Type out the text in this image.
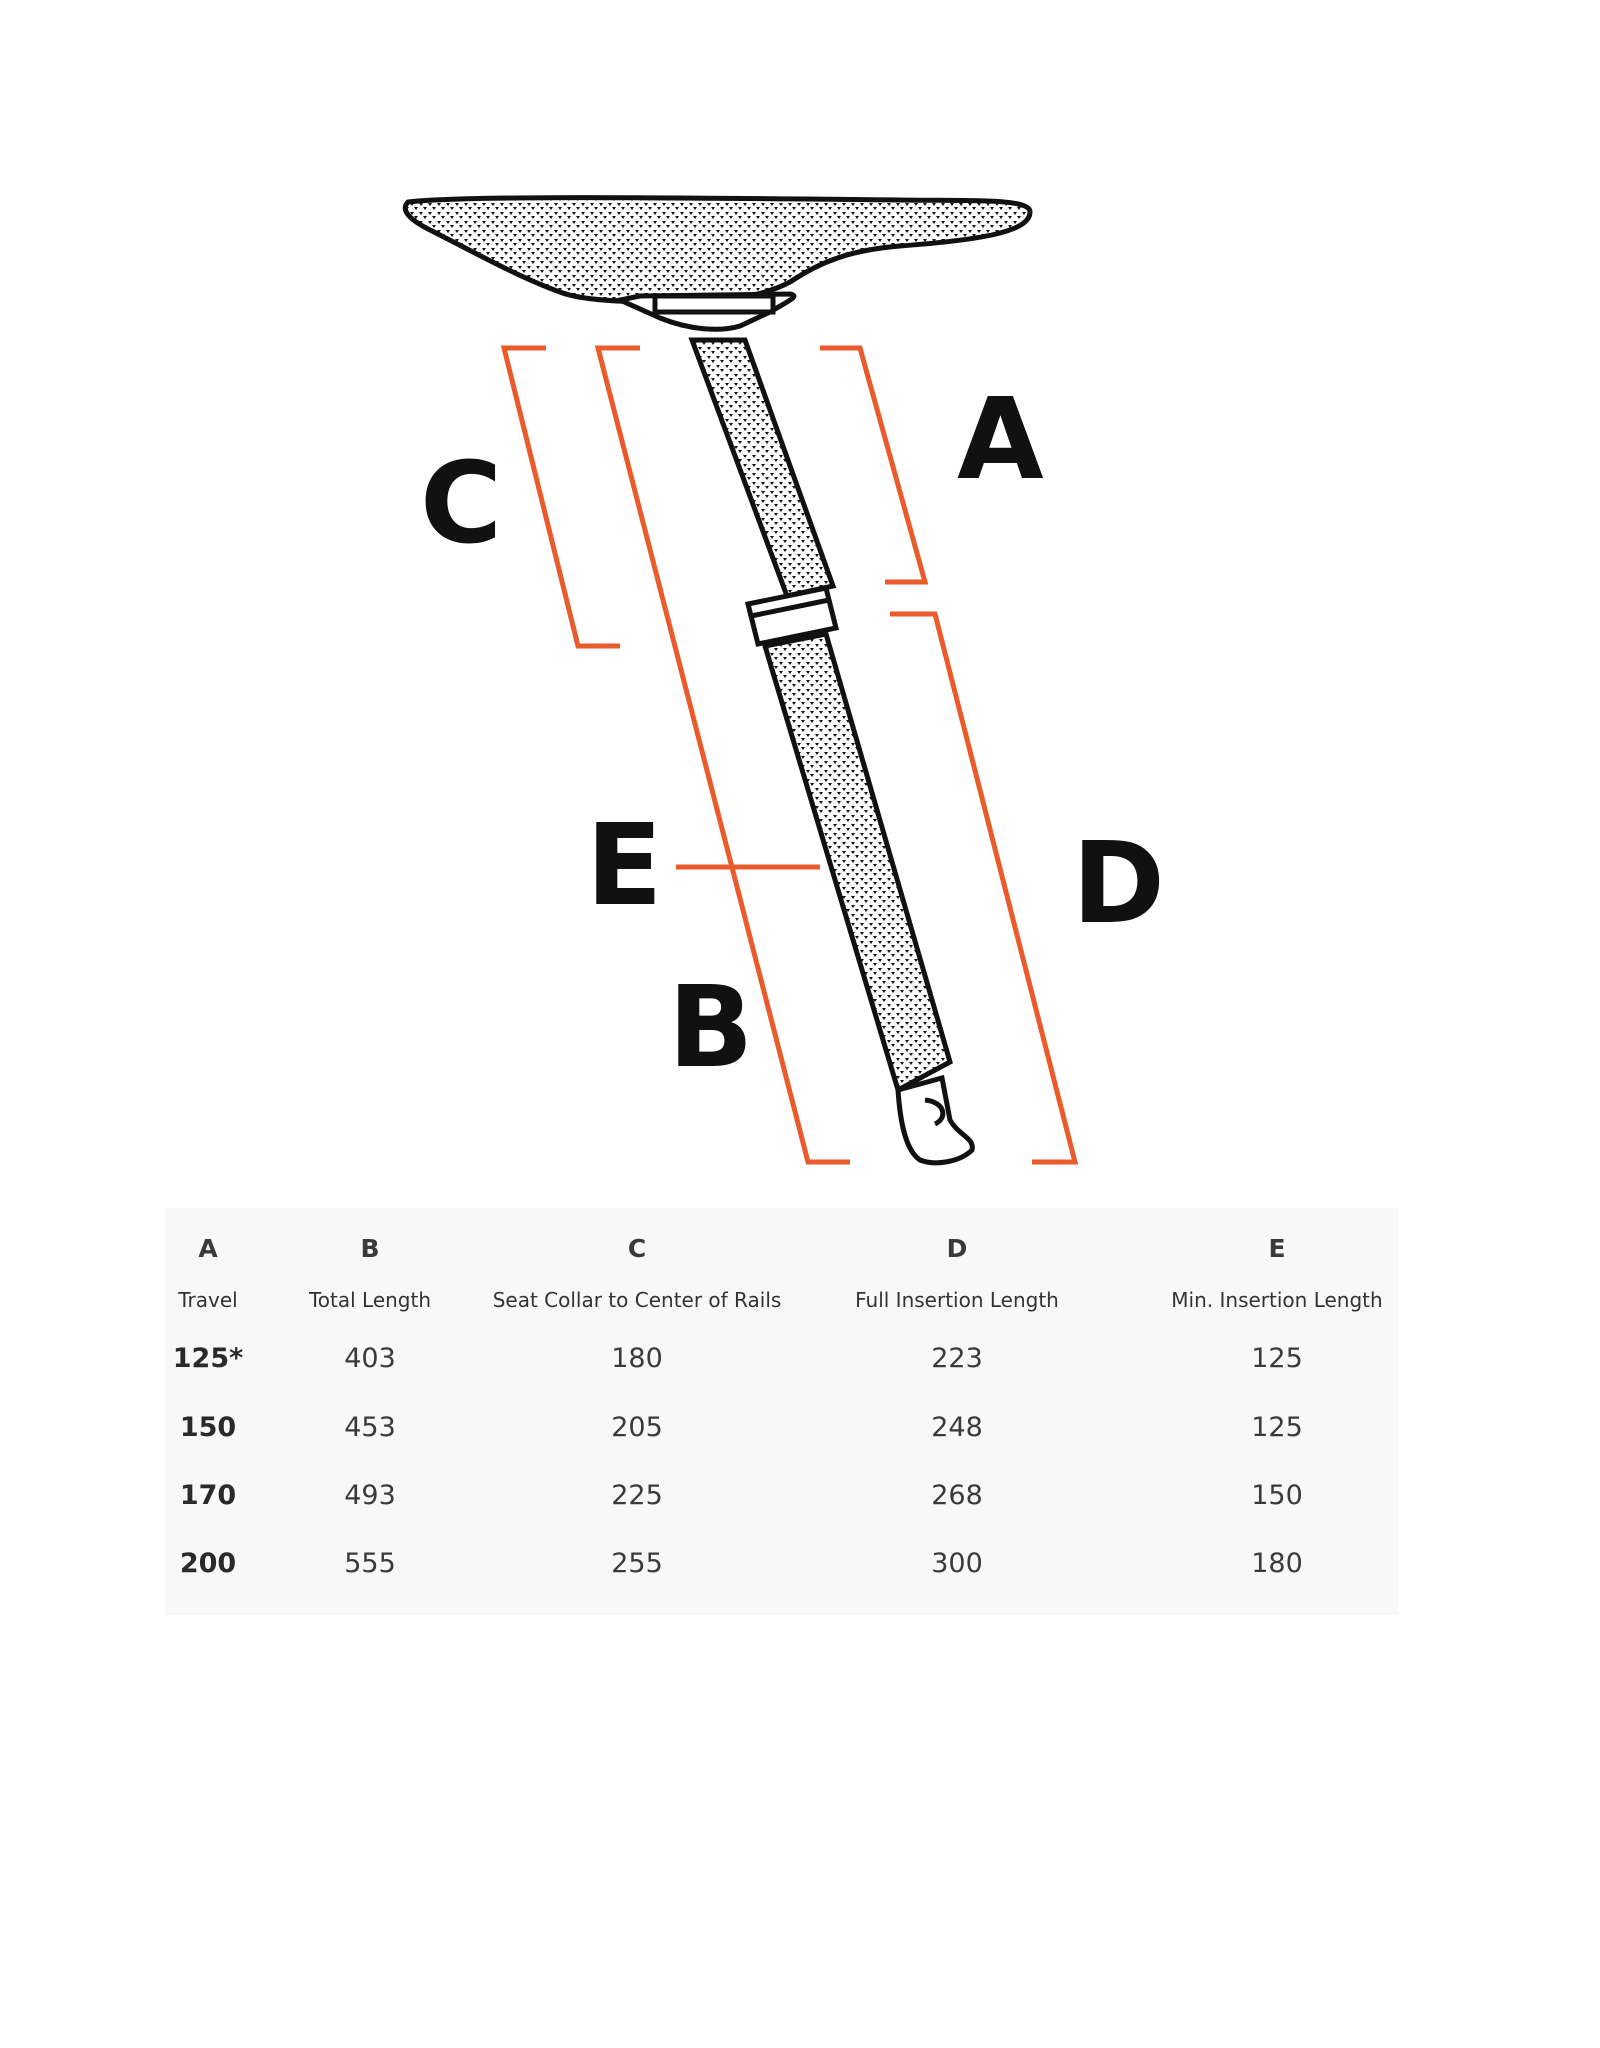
A
C
E
B
D
A
Travel
125*
150
170
200
B
Total Length
403
453
493
555
C
Seat Collar to Center of Rails
180
205
225
255
D
Full Insertion Length
223
248
268
300
E
Min. Insertion Length
125
125
150
180
